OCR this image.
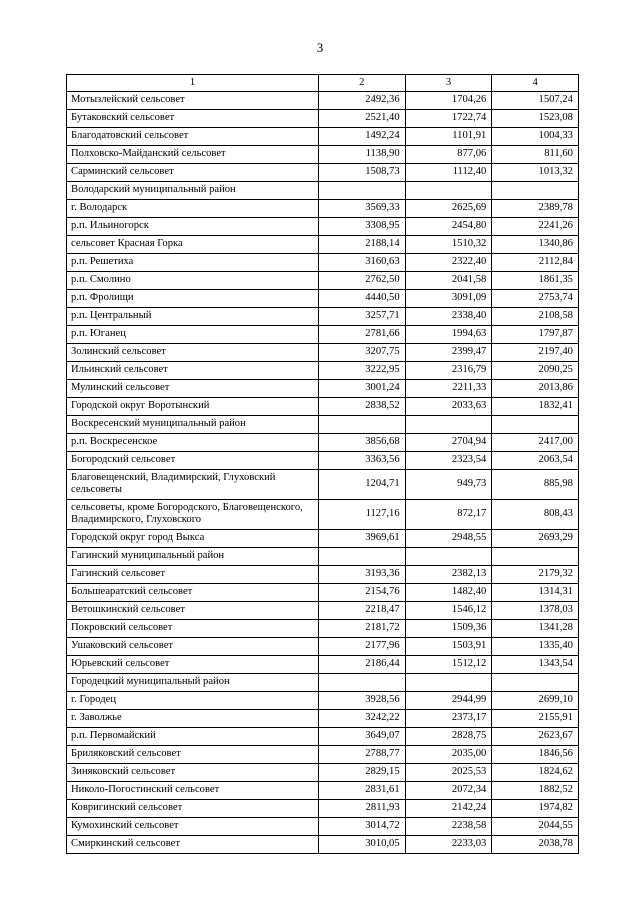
3
1	2	3	4
Мотызлейский сельсовет	2492,36	1704,26	1507,24
Бутаковский сельсовет	2521,40	1722,74	1523,08
Благодатовский сельсовет	1492,24	1101,91	1004,33
Полховско-Майданский сельсовет	1138,90	877,06	811,60
Сарминский сельсовет	1508,73	1112,40	1013,32
Володарский муниципальный район			
г. Володарск	3569,33	2625,69	2389,78
р.п. Ильиногорск	3308,95	2454,80	2241,26
сельсовет Красная Горка	2188,14	1510,32	1340,86
р.п. Решетиха	3160,63	2322,40	2112,84
р.п. Смолино	2762,50	2041,58	1861,35
р.п. Фролищи	4440,50	3091,09	2753,74
р.п. Центральный	3257,71	2338,40	2108,58
р.п. Юганец	2781,66	1994,63	1797,87
Золинский сельсовет	3207,75	2399,47	2197,40
Ильинский сельсовет	3222,95	2316,79	2090,25
Мулинский сельсовет	3001,24	2211,33	2013,86
Городской округ Воротынский	2838,52	2033,63	1832,41
Воскресенский муниципальный район			
р.п. Воскресенское	3856,68	2704,94	2417,00
Богородский сельсовет	3363,56	2323,54	2063,54
Благовещенский, Владимирский, Глуховский сельсоветы	1204,71	949,73	885,98
сельсоветы, кроме Богородского, Благовещенского, Владимирского, Глуховского	1127,16	872,17	808,43
Городской округ город Выкса	3969,61	2948,55	2693,29
Гагинский муниципальный район			
Гагинский сельсовет	3193,36	2382,13	2179,32
Большеаратский сельсовет	2154,76	1482,40	1314,31
Ветошкинский сельсовет	2218,47	1546,12	1378,03
Покровский сельсовет	2181,72	1509,36	1341,28
Ушаковский сельсовет	2177,96	1503,91	1335,40
Юрьевский сельсовет	2186,44	1512,12	1343,54
Городецкий муниципальный район			
г. Городец	3928,56	2944,99	2699,10
г. Заволжье	3242,22	2373,17	2155,91
р.п. Первомайский	3649,07	2828,75	2623,67
Бриляковский сельсовет	2788,77	2035,00	1846,56
Зиняковский сельсовет	2829,15	2025,53	1824,62
Николо-Погостинский сельсовет	2831,61	2072,34	1882,52
Ковригинский сельсовет	2811,93	2142,24	1974,82
Кумохинский сельсовет	3014,72	2238,58	2044,55
Смиркинский сельсовет	3010,05	2233,03	2038,78
